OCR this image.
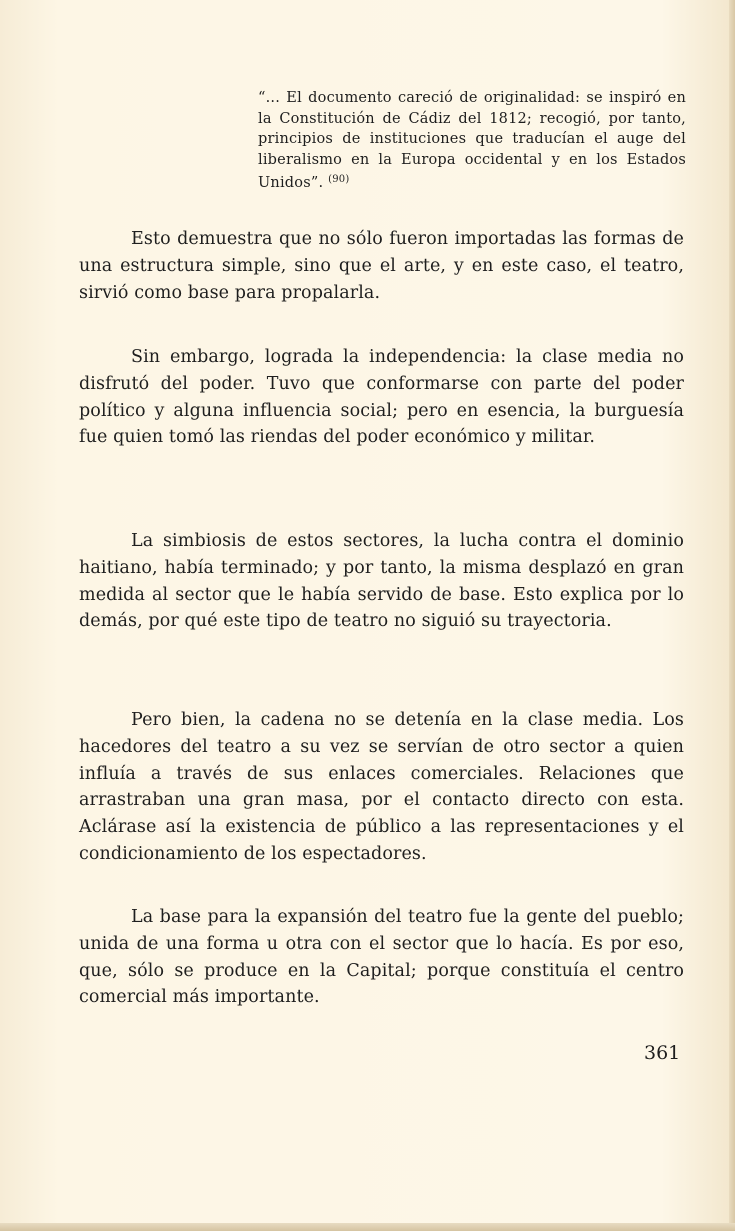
“... El documento careció de originalidad: se inspiró en la Constitución de Cádiz del 1812; recogió, por tanto, principios de instituciones que traducían el auge del liberalismo en la Europa occidental y en los Estados Unidos”. $^{(90)}$

Esto demuestra que no sólo fueron importadas las formas de una estructura simple, sino que el arte, y en este caso, el teatro, sirvió como base para propalarla.

Sin embargo, lograda la independencia: la clase media no disfrutó del poder. Tuvo que conformarse con parte del poder político y alguna influencia social; pero en esencia, la burguesía fue quien tomó las riendas del poder económico y militar.

La simbiosis de estos sectores, la lucha contra el dominio haitiano, había terminado; y por tanto, la misma desplazó en gran medida al sector que le había servido de base. Esto explica por lo demás, por qué este tipo de teatro no siguió su trayectoria.

Pero bien, la cadena no se detenía en la clase media. Los hacedores del teatro a su vez se servían de otro sector a quien influía a través de sus enlaces comerciales. Relaciones que arrastraban una gran masa, por el contacto directo con esta. Aclárase así la existencia de público a las representaciones y el condicionamiento de los espectadores.

La base para la expansión del teatro fue la gente del pueblo; unida de una forma u otra con el sector que lo hacía. Es por eso, que, sólo se produce en la Capital; porque constituía el centro comercial más importante.

361
